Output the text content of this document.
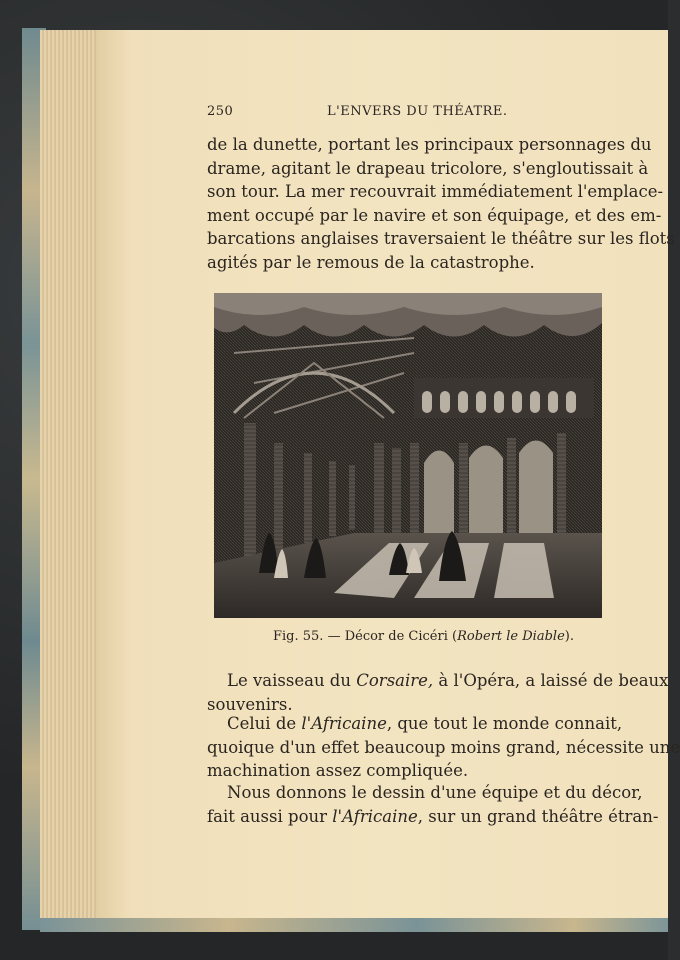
250	L'ENVERS DU THÉATRE.
de la dunette, portant les principaux personnages du
drame, agitant le drapeau tricolore, s'engloutissait à
son tour. La mer recouvrait immédiatement l'emplace-
ment occupé par le navire et son équipage, et des em-
barcations anglaises traversaient le théâtre sur les flots
agités par le remous de la catastrophe.
Fig. 55. — Décor de Cicéri (Robert le Diable).
Le vaisseau du Corsaire, à l'Opéra, a laissé de beaux
souvenirs.
Celui de l'Africaine, que tout le monde connait,
quoique d'un effet beaucoup moins grand, nécessite une
machination assez compliquée.
Nous donnons le dessin d'une équipe et du décor,
fait aussi pour l'Africaine, sur un grand théâtre étran-
